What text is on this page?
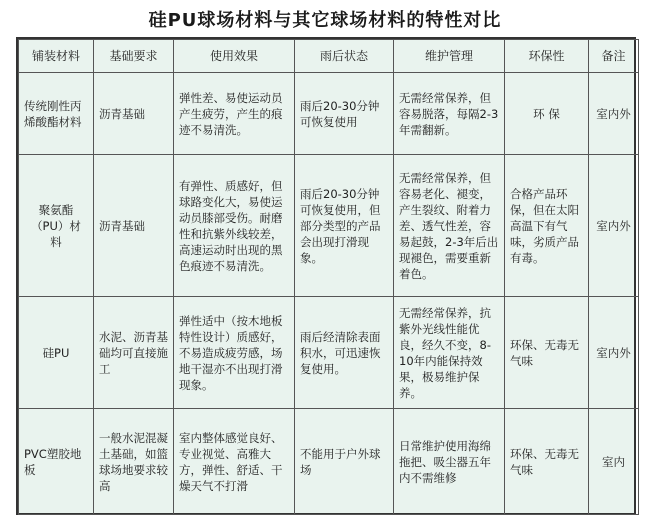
硅PU球场材料与其它球场材料的特性对比
铺装材料	基础要求	使用效果	雨后状态	维护管理	环保性	备注
传统刚性丙烯酸酯材料	沥青基础	弹性差、易使运动员产生疲劳，产生的痕迹不易清洗。	雨后20-30分钟可恢复使用	无需经常保养，但容易脱落，每隔2-3年需翻新。	环 保	室内外
聚氨酯（PU）材 料	沥青基础	有弹性、质感好，但球路变化大，易使运动员膝部受伤。耐磨性和抗紫外线较差，高速运动时出现的黑色痕迹不易清洗。	雨后20-30分钟可恢复使用，但部分类型的产品会出现打滑现象。	无需经常保养，但容易老化、褪变，产生裂纹、附着力差、透气性差，容易起鼓，2-3年后出现褪色，需要重新着色。	合格产品环保，但在太阳高温下有气味，劣质产品有毒。	室内外
硅PU	水泥、沥青基础均可直接施工	弹性适中（按木地板特性设计）质感好，不易造成疲劳感，场地干湿亦不出现打滑现象。	雨后经清除表面积水，可迅速恢复使用。	无需经常保养，抗紫外光线性能优良，经久不变，8-10年内能保持效果，极易维护保养。	环保、无毒无气味	室内外
PVC塑胶地板	一般水泥混凝土基础，如篮球场地要求较高	室内整体感觉良好、专业视觉、高雅大方，弹性、舒适、干燥天气不打滑	不能用于户外球场	日常维护使用海绵拖把、吸尘器五年内不需维修	环保、无毒无气味	室内
